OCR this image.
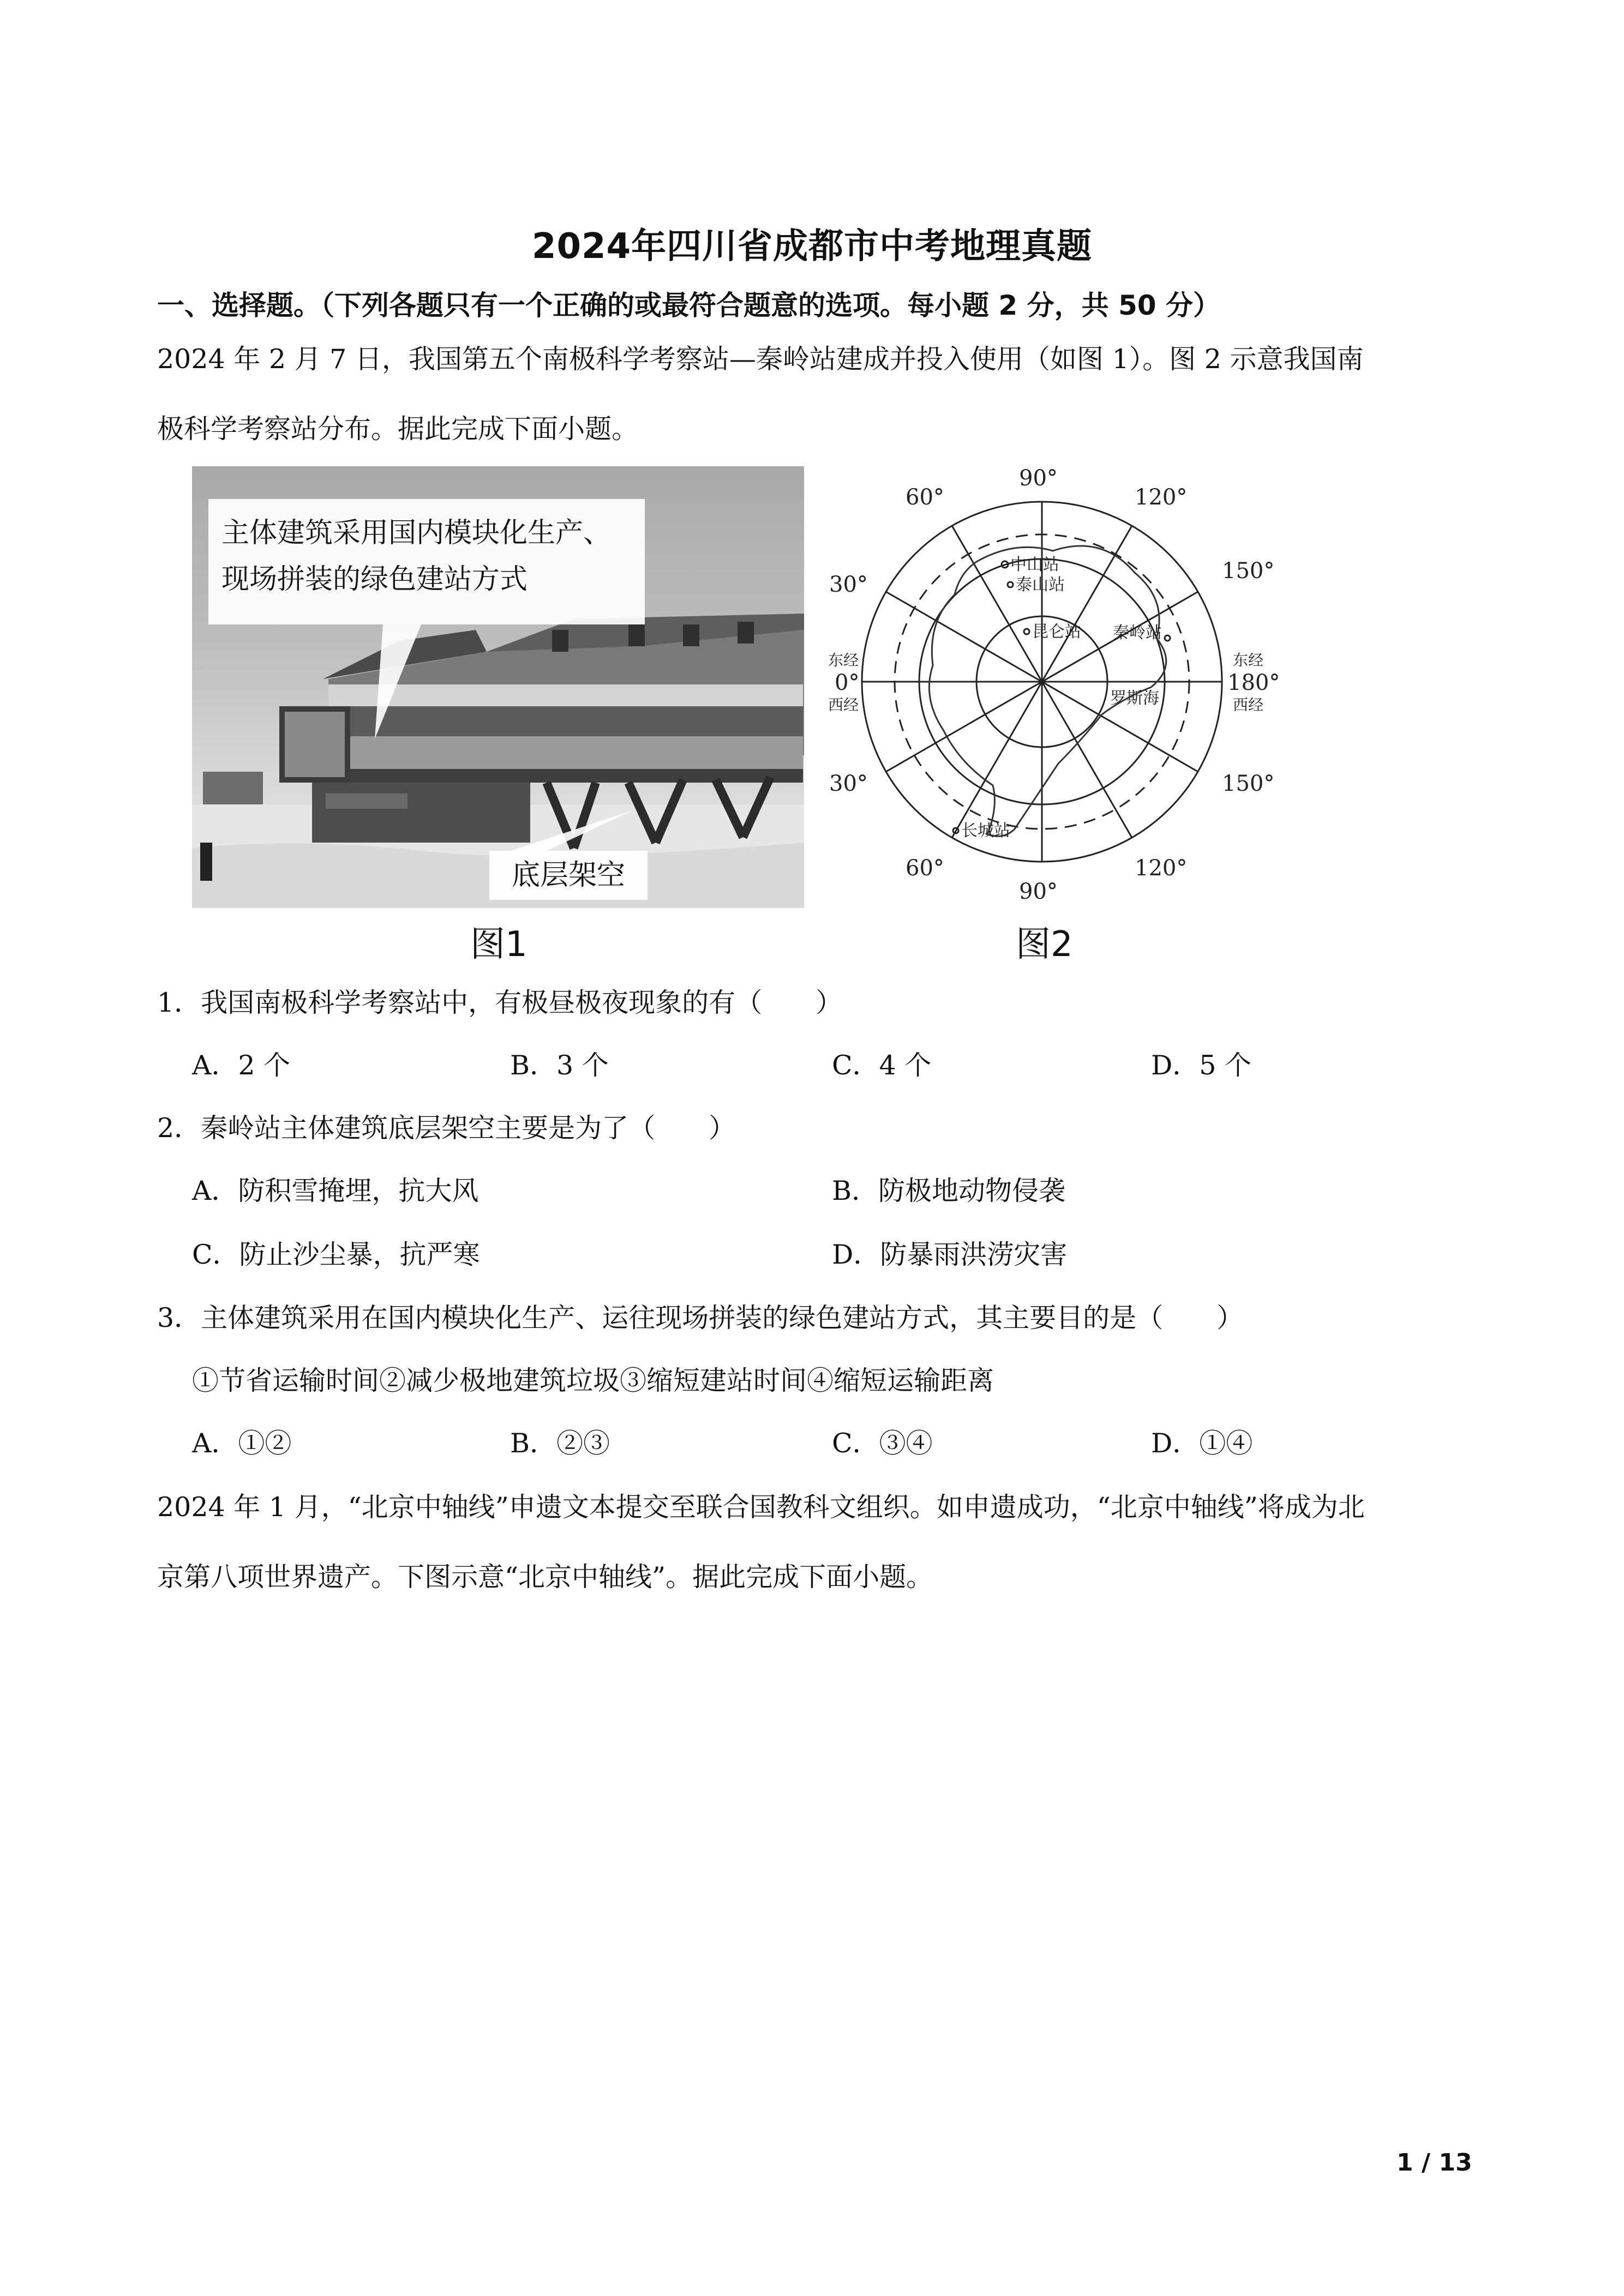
2024年四川省成都市中考地理真题
一、选择题。（下列各题只有一个正确的或最符合题意的选项。每小题 2 分，共 50 分）
2024 年 2 月 7 日，我国第五个南极科学考察站—秦岭站建成并投入使用（如图 1）。图 2 示意我国南
极科学考察站分布。据此完成下面小题。
主体建筑采用国内模块化生产、
现场拼装的绿色建站方式
底层架空
图1
90°
60°	120°
30°
150°
30°	150°
60°
90°
120°
0°	180°
东经
西经
东经
西经
中山站
泰山站
昆仑站 秦岭站
长城站
罗斯海
图2
1．我国南极科学考察站中，有极昼极夜现象的有（　　）
A．2 个	B．3 个	C．4 个	D．5 个
2．秦岭站主体建筑底层架空主要是为了（　　）
A．防积雪掩埋，抗大风	B．防极地动物侵袭
C．防止沙尘暴，抗严寒	D．防暴雨洪涝灾害
3．主体建筑采用在国内模块化生产、运往现场拼装的绿色建站方式，其主要目的是（　　）
①节省运输时间②减少极地建筑垃圾③缩短建站时间④缩短运输距离
A．①②	B．②③	C．③④	D．①④
2024 年 1 月，“北京中轴线”申遗文本提交至联合国教科文组织。如申遗成功，“北京中轴线”将成为北
京第八项世界遗产。下图示意“北京中轴线”。据此完成下面小题。
1 / 13
